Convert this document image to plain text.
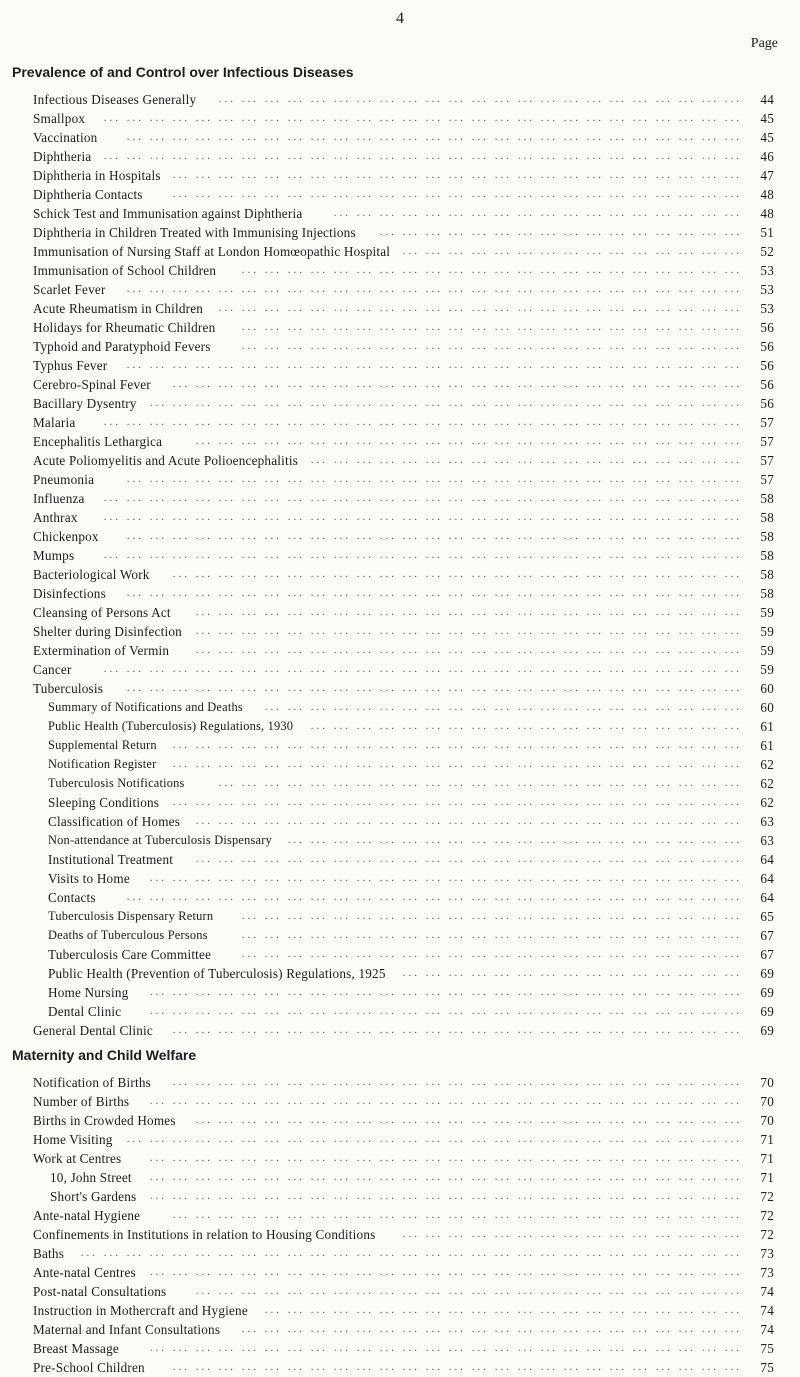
4
Page
Prevalence of and Control over Infectious Diseases
Infectious Diseases Generally ... ... ... ... ... ... ... ... ... ... ... ... ... ... ... ... ... ... ... ... ... ... ...	44
Smallpox ... ... ... ... ... ... ... ... ... ... ... ... ... ... ... ... ... ... ... ... ... ... ... ... ... ... ... ...	45
Vaccination	... ... ... ... ... ... ... ... ... ... ... ... ... ... ... ... ... ... ... ... ... ... ... ... ... ... ...	45
Diphtheria ... ... ... ... ... ... ... ... ... ... ... ... ... ... ... ... ... ... ... ... ... ... ... ... ... ... ... ...	46
Diphtheria in Hospitals ... ... ... ... ... ... ... ... ... ... ... ... ... ... ... ... ... ... ... ... ... ... ... ... ...	47
Diphtheria Contacts	... ... ... ... ... ... ... ... ... ... ... ... ... ... ... ... ... ... ... ... ... ... ... ... ...	48
Schick Test and Immunisation against Diphtheria	... ... ... ... ... ... ... ... ... ... ... ... ... ... ... ... ... ...	48
Diphtheria in Children Treated with Immunising Injections ... ... ... ... ... ... ... ... ... ... ... ... ... ... ... ...	51
Immunisation of Nursing Staff at London Homœopathic Hospital ... ... ... ... ... ... ... ... ... ... ... ... ... ... ...	52
Immunisation of School Children ... ... ... ... ... ... ... ... ... ... ... ... ... ... ... ... ... ... ... ... ... ...	53
Scarlet Fever ... ... ... ... ... ... ... ... ... ... ... ... ... ... ... ... ... ... ... ... ... ... ... ... ... ... ...	53
Acute Rheumatism in Children ... ... ... ... ... ... ... ... ... ... ... ... ... ... ... ... ... ... ... ... ... ... ...	53
Holidays for Rheumatic Children ... ... ... ... ... ... ... ... ... ... ... ... ... ... ... ... ... ... ... ... ... ...	56
Typhoid and Paratyphoid Fevers	... ... ... ... ... ... ... ... ... ... ... ... ... ... ... ... ... ... ... ... ... ...	56
Typhus Fever ... ... ... ... ... ... ... ... ... ... ... ... ... ... ... ... ... ... ... ... ... ... ... ... ... ... ...	56
Cerebro-Spinal Fever ... ... ... ... ... ... ... ... ... ... ... ... ... ... ... ... ... ... ... ... ... ... ... ... ...	56
Bacillary Dysentry ... ... ... ... ... ... ... ... ... ... ... ... ... ... ... ... ... ... ... ... ... ... ... ... ... ...	56
Malaria	... ... ... ... ... ... ... ... ... ... ... ... ... ... ... ... ... ... ... ... ... ... ... ... ... ... ... ...	57
Encephalitis Lethargica	... ... ... ... ... ... ... ... ... ... ... ... ... ... ... ... ... ... ... ... ... ... ... ...	57
Acute Poliomyelitis and Acute Polioencephalitis ... ... ... ... ... ... ... ... ... ... ... ... ... ... ... ... ... ... ...	57
Pneumonia	... ... ... ... ... ... ... ... ... ... ... ... ... ... ... ... ... ... ... ... ... ... ... ... ... ... ...	57
Influenza ... ... ... ... ... ... ... ... ... ... ... ... ... ... ... ... ... ... ... ... ... ... ... ... ... ... ... ...	58
Anthrax ... ... ... ... ... ... ... ... ... ... ... ... ... ... ... ... ... ... ... ... ... ... ... ... ... ... ... ...	58
Chickenpox	... ... ... ... ... ... ... ... ... ... ... ... ... ... ... ... ... ... ... ... ... ... ... ... ... ... ...	58
Mumps	... ... ... ... ... ... ... ... ... ... ... ... ... ... ... ... ... ... ... ... ... ... ... ... ... ... ... ...	58
Bacteriological Work ... ... ... ... ... ... ... ... ... ... ... ... ... ... ... ... ... ... ... ... ... ... ... ... ...	58
Disinfections ... ... ... ... ... ... ... ... ... ... ... ... ... ... ... ... ... ... ... ... ... ... ... ... ... ... ...	58
Cleansing of Persons Act ... ... ... ... ... ... ... ... ... ... ... ... ... ... ... ... ... ... ... ... ... ... ... ...	59
Shelter during Disinfection ... ... ... ... ... ... ... ... ... ... ... ... ... ... ... ... ... ... ... ... ... ... ... ...	59
Extermination of Vermin ... ... ... ... ... ... ... ... ... ... ... ... ... ... ... ... ... ... ... ... ... ... ... ...	59
Cancer	... ... ... ... ... ... ... ... ... ... ... ... ... ... ... ... ... ... ... ... ... ... ... ... ... ... ... ...	59
Tuberculosis ... ... ... ... ... ... ... ... ... ... ... ... ... ... ... ... ... ... ... ... ... ... ... ... ... ... ...	60
Summary of Notifications and Deaths ... ... ... ... ... ... ... ... ... ... ... ... ... ... ... ... ... ... ... ... ...	60
Public Health (Tuberculosis) Regulations, 1930 ... ... ... ... ... ... ... ... ... ... ... ... ... ... ... ... ... ... ...	61
Supplemental Return ... ... ... ... ... ... ... ... ... ... ... ... ... ... ... ... ... ... ... ... ... ... ... ... ...	61
Notification Register ... ... ... ... ... ... ... ... ... ... ... ... ... ... ... ... ... ... ... ... ... ... ... ... ...	62
Tuberculosis Notifications	... ... ... ... ... ... ... ... ... ... ... ... ... ... ... ... ... ... ... ... ... ... ...	62
Sleeping Conditions ... ... ... ... ... ... ... ... ... ... ... ... ... ... ... ... ... ... ... ... ... ... ... ... ...	62
Classification of Homes ... ... ... ... ... ... ... ... ... ... ... ... ... ... ... ... ... ... ... ... ... ... ... ...	63
Non-attendance at Tuberculosis Dispensary ... ... ... ... ... ... ... ... ... ... ... ... ... ... ... ... ... ... ... ...	63
Institutional Treatment ... ... ... ... ... ... ... ... ... ... ... ... ... ... ... ... ... ... ... ... ... ... ... ...	64
Visits to Home ... ... ... ... ... ... ... ... ... ... ... ... ... ... ... ... ... ... ... ... ... ... ... ... ... ...	64
Contacts	... ... ... ... ... ... ... ... ... ... ... ... ... ... ... ... ... ... ... ... ... ... ... ... ... ... ...	64
Tuberculosis Dispensary Return	... ... ... ... ... ... ... ... ... ... ... ... ... ... ... ... ... ... ... ... ... ...	65
Deaths of Tuberculous Persons	... ... ... ... ... ... ... ... ... ... ... ... ... ... ... ... ... ... ... ... ... ...	67
Tuberculosis Care Committee	... ... ... ... ... ... ... ... ... ... ... ... ... ... ... ... ... ... ... ... ... ...	67
Public Health (Prevention of Tuberculosis) Regulations, 1925 ... ... ... ... ... ... ... ... ... ... ... ... ... ... ...	69
Home Nursing ... ... ... ... ... ... ... ... ... ... ... ... ... ... ... ... ... ... ... ... ... ... ... ... ... ...	69
Dental Clinic	... ... ... ... ... ... ... ... ... ... ... ... ... ... ... ... ... ... ... ... ... ... ... ... ... ...	69
General Dental Clinic ... ... ... ... ... ... ... ... ... ... ... ... ... ... ... ... ... ... ... ... ... ... ... ... ...	69
Maternity and Child Welfare
Notification of Births ... ... ... ... ... ... ... ... ... ... ... ... ... ... ... ... ... ... ... ... ... ... ... ... ...	70
Number of Births ... ... ... ... ... ... ... ... ... ... ... ... ... ... ... ... ... ... ... ... ... ... ... ... ... ...	70
Births in Crowded Homes ... ... ... ... ... ... ... ... ... ... ... ... ... ... ... ... ... ... ... ... ... ... ... ...	70
Home Visiting ... ... ... ... ... ... ... ... ... ... ... ... ... ... ... ... ... ... ... ... ... ... ... ... ... ... ...	71
Work at Centres	... ... ... ... ... ... ... ... ... ... ... ... ... ... ... ... ... ... ... ... ... ... ... ... ... ...	71
10, John Street ... ... ... ... ... ... ... ... ... ... ... ... ... ... ... ... ... ... ... ... ... ... ... ... ... ...	71
Short's Gardens ... ... ... ... ... ... ... ... ... ... ... ... ... ... ... ... ... ... ... ... ... ... ... ... ... ...	72
Ante-natal Hygiene	... ... ... ... ... ... ... ... ... ... ... ... ... ... ... ... ... ... ... ... ... ... ... ... ...	72
Confinements in Institutions in relation to Housing Conditions ... ... ... ... ... ... ... ... ... ... ... ... ... ... ...	72
Baths ... ... ... ... ... ... ... ... ... ... ... ... ... ... ... ... ... ... ... ... ... ... ... ... ... ... ... ... ...	73
Ante-natal Centres ... ... ... ... ... ... ... ... ... ... ... ... ... ... ... ... ... ... ... ... ... ... ... ... ... ...	73
Post-natal Consultations	... ... ... ... ... ... ... ... ... ... ... ... ... ... ... ... ... ... ... ... ... ... ... ...	74
Instruction in Mothercraft and Hygiene ... ... ... ... ... ... ... ... ... ... ... ... ... ... ... ... ... ... ... ... ...	74
Maternal and Infant Consultations ... ... ... ... ... ... ... ... ... ... ... ... ... ... ... ... ... ... ... ... ... ...	74
Breast Massage	... ... ... ... ... ... ... ... ... ... ... ... ... ... ... ... ... ... ... ... ... ... ... ... ... ...	75
Pre-School Children	... ... ... ... ... ... ... ... ... ... ... ... ... ... ... ... ... ... ... ... ... ... ... ... ...	75
